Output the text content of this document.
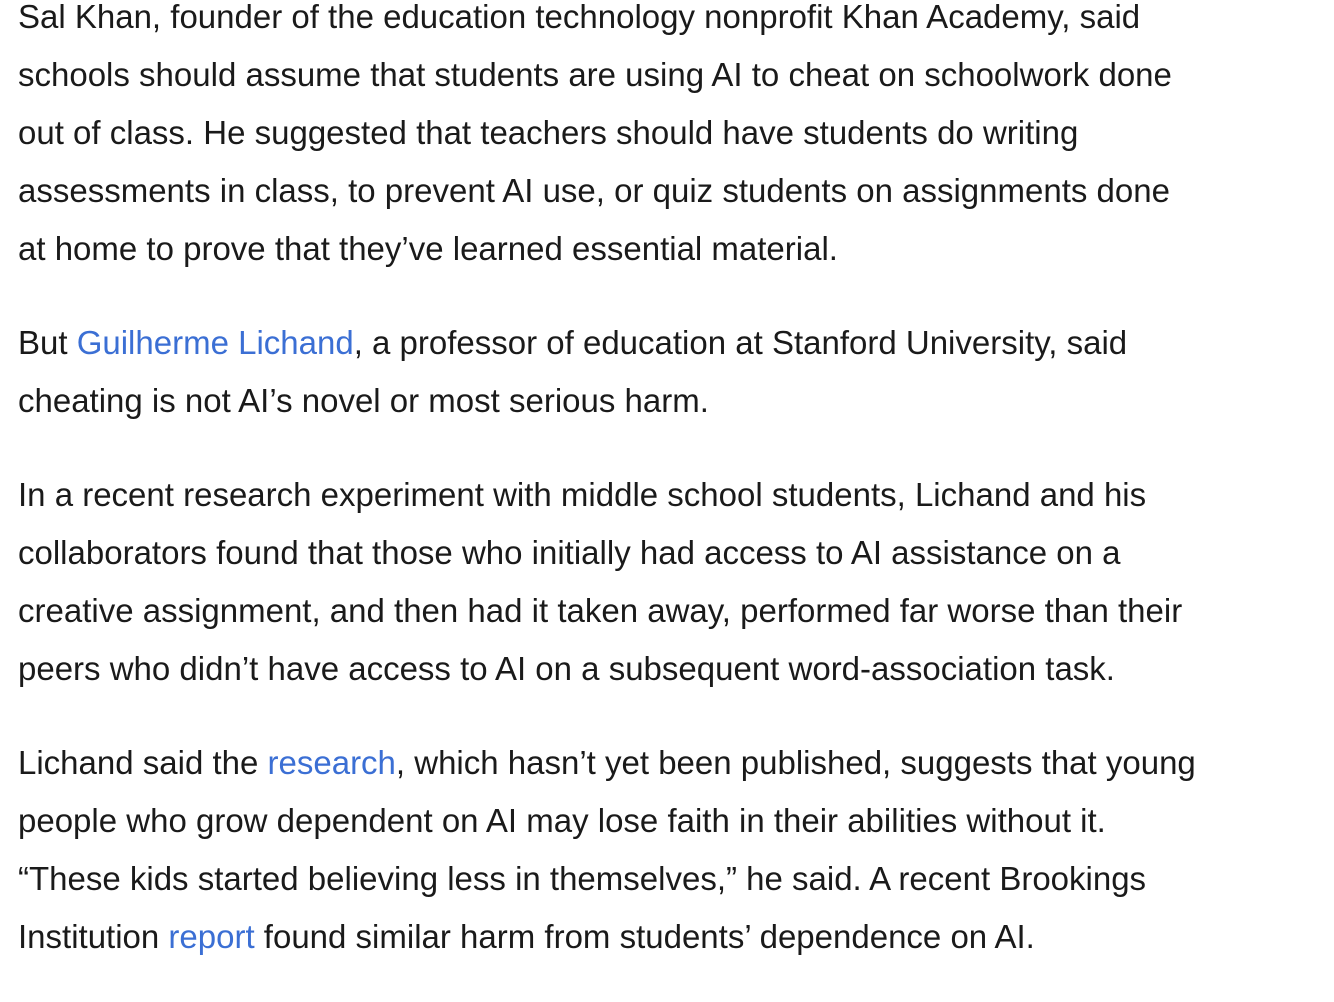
Sal Khan, founder of the education technology nonprofit Khan Academy, said
schools should assume that students are using AI to cheat on schoolwork done
out of class. He suggested that teachers should have students do writing
assessments in class, to prevent AI use, or quiz students on assignments done
at home to prove that they’ve learned essential material.

But Guilherme Lichand, a professor of education at Stanford University, said
cheating is not AI’s novel or most serious harm.

In a recent research experiment with middle school students, Lichand and his
collaborators found that those who initially had access to AI assistance on a
creative assignment, and then had it taken away, performed far worse than their
peers who didn’t have access to AI on a subsequent word-association task.

Lichand said the research, which hasn’t yet been published, suggests that young
people who grow dependent on AI may lose faith in their abilities without it.
“These kids started believing less in themselves,” he said. A recent Brookings
Institution report found similar harm from students’ dependence on AI.
